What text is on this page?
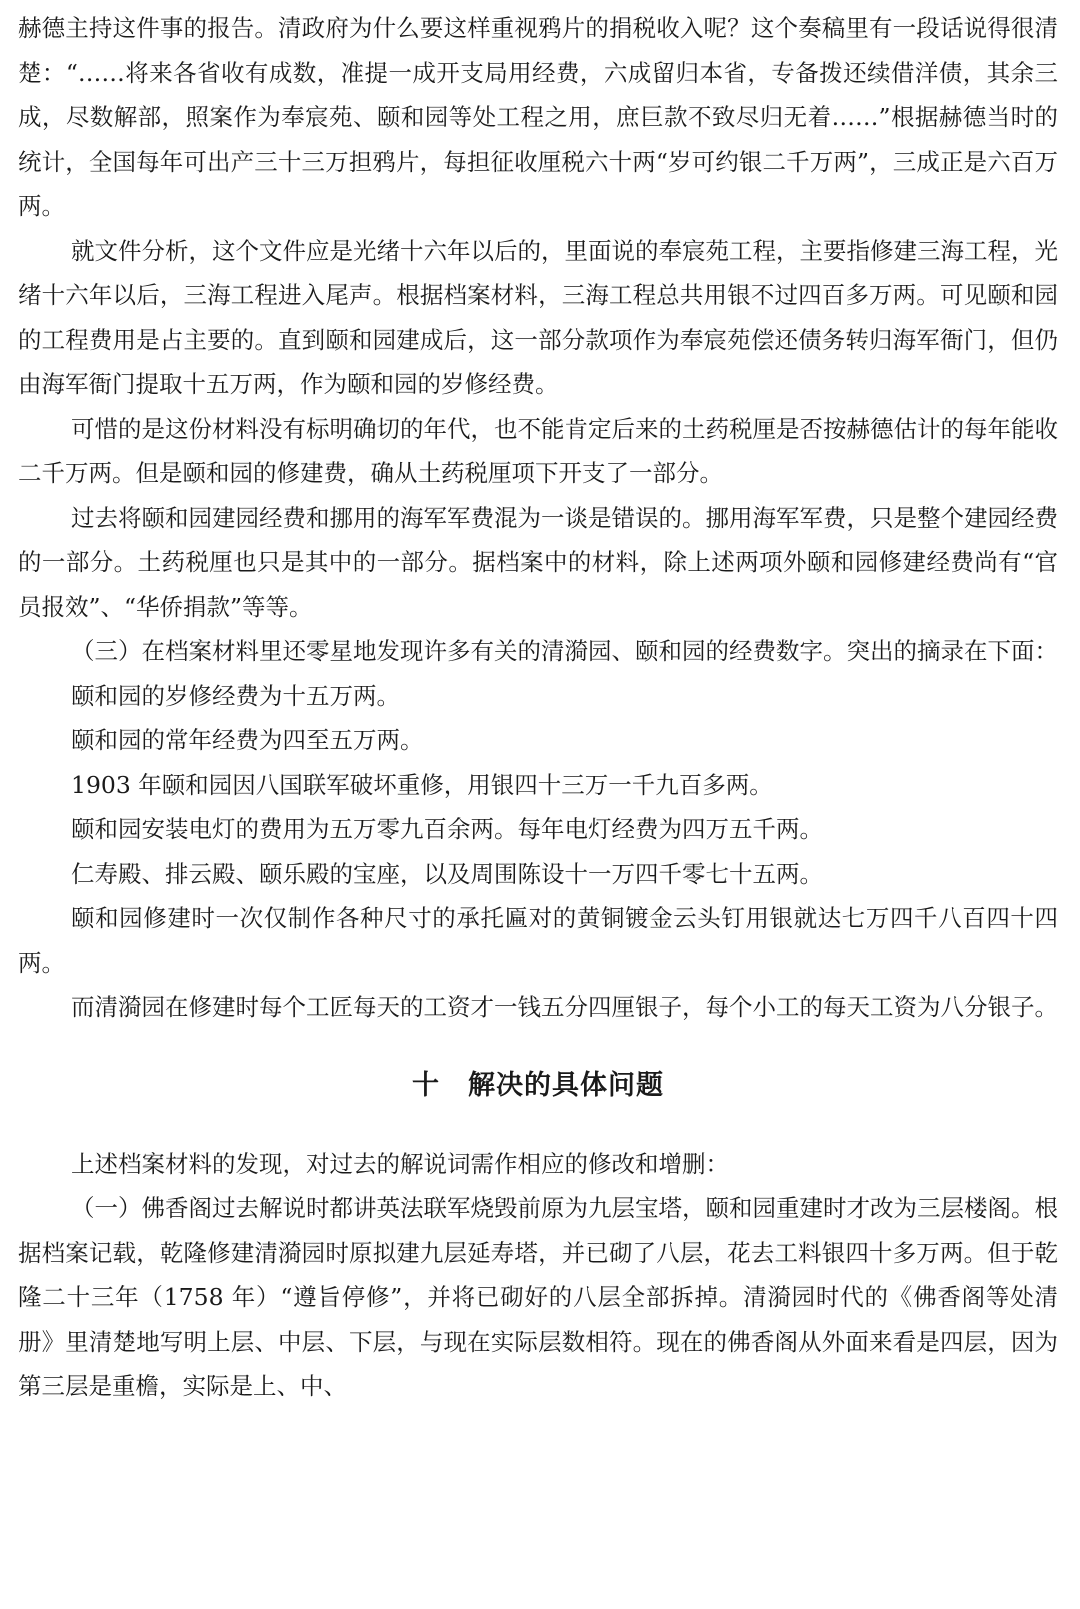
赫德主持这件事的报告。清政府为什么要这样重视鸦片的捐税收入呢？这个奏稿里有一段话说得很清楚：“……将来各省收有成数，准提一成开支局用经费，六成留归本省，专备拨还续借洋债，其余三成，尽数解部，照案作为奉宸苑、颐和园等处工程之用，庶巨款不致尽归无着……”根据赫德当时的统计，全国每年可出产三十三万担鸦片，每担征收厘税六十两“岁可约银二千万两”，三成正是六百万两。

就文件分析，这个文件应是光绪十六年以后的，里面说的奉宸苑工程，主要指修建三海工程，光绪十六年以后，三海工程进入尾声。根据档案材料，三海工程总共用银不过四百多万两。可见颐和园的工程费用是占主要的。直到颐和园建成后，这一部分款项作为奉宸苑偿还债务转归海军衙门，但仍由海军衙门提取十五万两，作为颐和园的岁修经费。

可惜的是这份材料没有标明确切的年代，也不能肯定后来的土药税厘是否按赫德估计的每年能收二千万两。但是颐和园的修建费，确从土药税厘项下开支了一部分。

过去将颐和园建园经费和挪用的海军军费混为一谈是错误的。挪用海军军费，只是整个建园经费的一部分。土药税厘也只是其中的一部分。据档案中的材料，除上述两项外颐和园修建经费尚有“官员报效”、“华侨捐款”等等。

（三）在档案材料里还零星地发现许多有关的清漪园、颐和园的经费数字。突出的摘录在下面：

颐和园的岁修经费为十五万两。

颐和园的常年经费为四至五万两。

1903 年颐和园因八国联军破坏重修，用银四十三万一千九百多两。

颐和园安装电灯的费用为五万零九百余两。每年电灯经费为四万五千两。

仁寿殿、排云殿、颐乐殿的宝座，以及周围陈设十一万四千零七十五两。

颐和园修建时一次仅制作各种尺寸的承托匾对的黄铜镀金云头钉用银就达七万四千八百四十四两。

而清漪园在修建时每个工匠每天的工资才一钱五分四厘银子，每个小工的每天工资为八分银子。

十 解决的具体问题

上述档案材料的发现，对过去的解说词需作相应的修改和增删：

（一）佛香阁过去解说时都讲英法联军烧毁前原为九层宝塔，颐和园重建时才改为三层楼阁。根据档案记载，乾隆修建清漪园时原拟建九层延寿塔，并已砌了八层，花去工料银四十多万两。但于乾隆二十三年（1758 年）“遵旨停修”，并将已砌好的八层全部拆掉。清漪园时代的《佛香阁等处清册》里清楚地写明上层、中层、下层，与现在实际层数相符。现在的佛香阁从外面来看是四层，因为第三层是重檐，实际是上、中、
